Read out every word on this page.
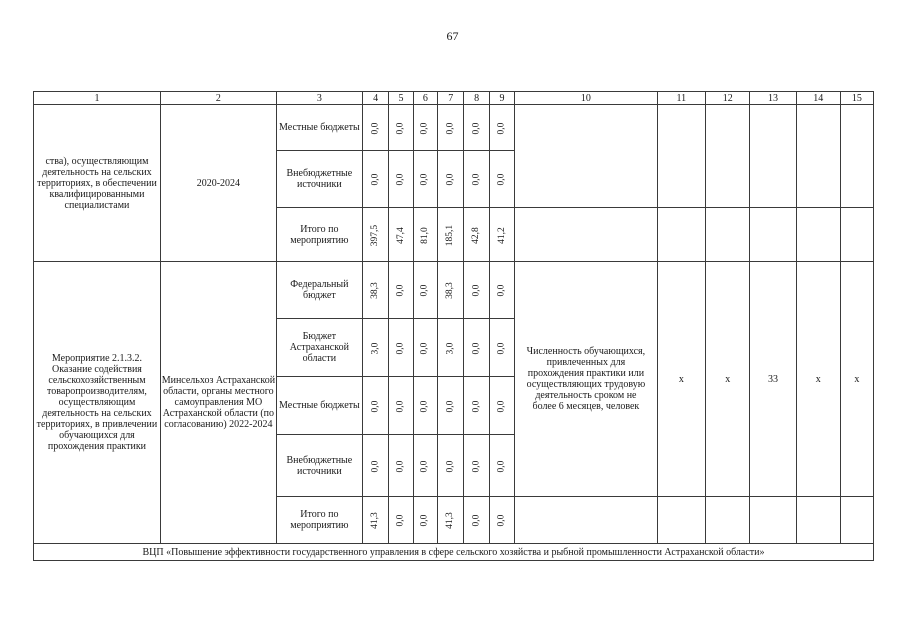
67
1	2	3	4	5	6	7	8	9	10	11	12	13	14	15
ства), осуществляющим деятельность на сельских территориях, в обеспечении квалифицированными специалистами	2020-2024	Местные бюджеты	0,0	0,0	0,0	0,0	0,0	0,0						
		Внебюджетные источники	0,0	0,0	0,0	0,0	0,0	0,0						
		Итого по мероприятию	397,5	47,4	81,0	185,1	42,8	41,2						
Мероприятие 2.1.3.2. Оказание содействия сельскохозяйственным товаропроизводителям, осуществляющим деятельность на сельских территориях, в привлечении обучающихся для прохождения практики	Минсельхоз Астраханской области, органы местного самоуправления МО Астраханской области (по согласованию) 2022-2024	Федеральный бюджет	38,3	0,0	0,0	38,3	0,0	0,0	Численность обучающихся, привлеченных для прохождения практики или осуществляющих трудовую деятельность сроком не более 6 месяцев, человек	х	х	33	х	х
		Бюджет Астраханской области	3,0	0,0	0,0	3,0	0,0	0,0						
		Местные бюджеты	0,0	0,0	0,0	0,0	0,0	0,0						
		Внебюджетные источники	0,0	0,0	0,0	0,0	0,0	0,0						
		Итого по мероприятию	41,3	0,0	0,0	41,3	0,0	0,0						
ВЦП «Повышение эффективности государственного управления в сфере сельского хозяйства и рыбной промышленности Астраханской области»														
